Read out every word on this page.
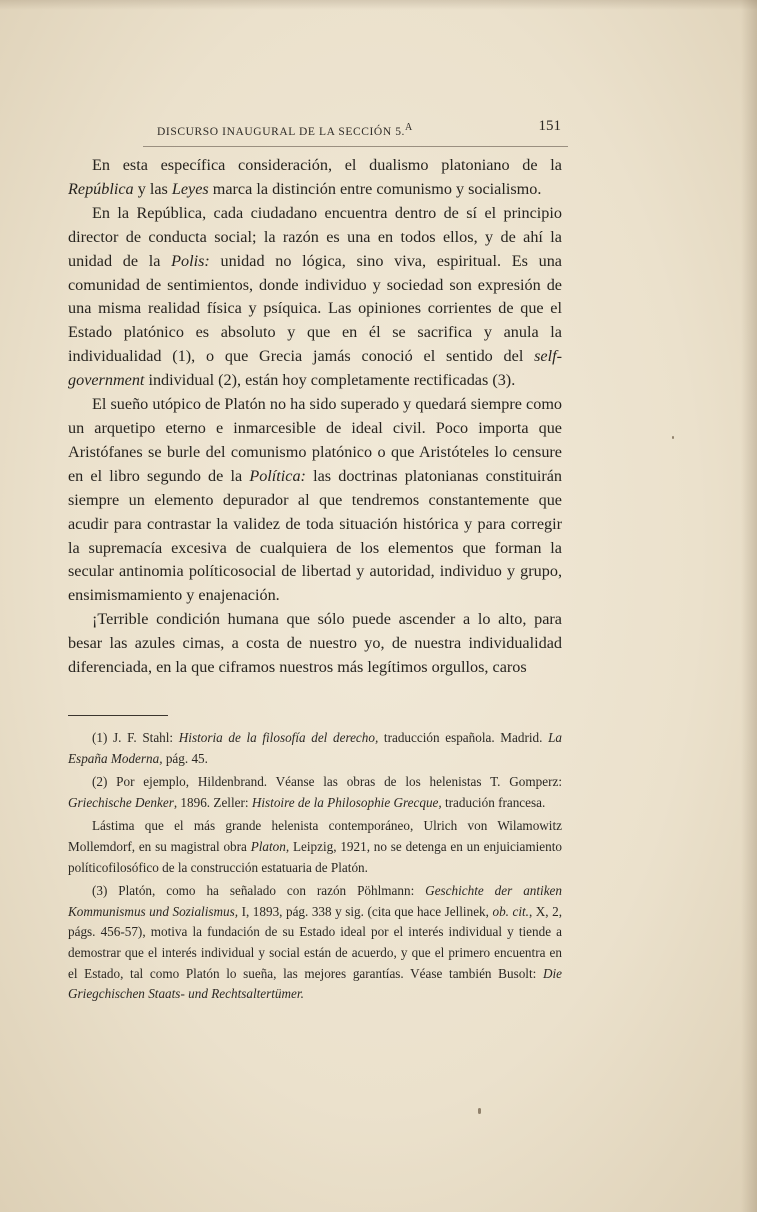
DISCURSO INAUGURAL DE LA SECCIÓN 5.A	151

En esta específica consideración, el dualismo platoniano de la República y las Leyes marca la distinción entre comunismo y socialismo.

En la República, cada ciudadano encuentra dentro de sí el principio director de conducta social; la razón es una en todos ellos, y de ahí la unidad de la Polis: unidad no lógica, sino viva, espiritual. Es una comunidad de sentimientos, donde individuo y sociedad son expresión de una misma realidad física y psíquica. Las opiniones corrientes de que el Estado platónico es absoluto y que en él se sacrifica y anula la individualidad (1), o que Grecia jamás conoció el sentido del self-government individual (2), están hoy completamente rectificadas (3).

El sueño utópico de Platón no ha sido superado y quedará siempre como un arquetipo eterno e inmarcesible de ideal civil. Poco importa que Aristófanes se burle del comunismo platónico o que Aristóteles lo censure en el libro segundo de la Política: las doctrinas platonianas constituirán siempre un elemento depurador al que tendremos constantemente que acudir para contrastar la validez de toda situación histórica y para corregir la supremacía excesiva de cualquiera de los elementos que forman la secular antinomia políticosocial de libertad y autoridad, individuo y grupo, ensimismamiento y enajenación.

¡Terrible condición humana que sólo puede ascender a lo alto, para besar las azules cimas, a costa de nuestro yo, de nuestra individualidad diferenciada, en la que ciframos nuestros más legítimos orgullos, caros

(1) J. F. Stahl: Historia de la filosofía del derecho, traducción española. Madrid. La España Moderna, pág. 45.

(2) Por ejemplo, Hildenbrand. Véanse las obras de los helenistas T. Gomperz: Griechische Denker, 1896. Zeller: Histoire de la Philosophie Grecque, tradución francesa.

Lástima que el más grande helenista contemporáneo, Ulrich von Wilamowitz Mollemdorf, en su magistral obra Platon, Leipzig, 1921, no se detenga en un enjuiciamiento políticofilosófico de la construcción estatuaria de Platón.

(3) Platón, como ha señalado con razón Pöhlmann: Geschichte der antiken Kommunismus und Sozialismus, I, 1893, pág. 338 y sig. (cita que hace Jellinek, ob. cit., X, 2, págs. 456-57), motiva la fundación de su Estado ideal por el interés individual y tiende a demostrar que el interés individual y social están de acuerdo, y que el primero encuentra en el Estado, tal como Platón lo sueña, las mejores garantías. Véase también Busolt: Die Griegchischen Staats- und Rechtsaltertümer.
